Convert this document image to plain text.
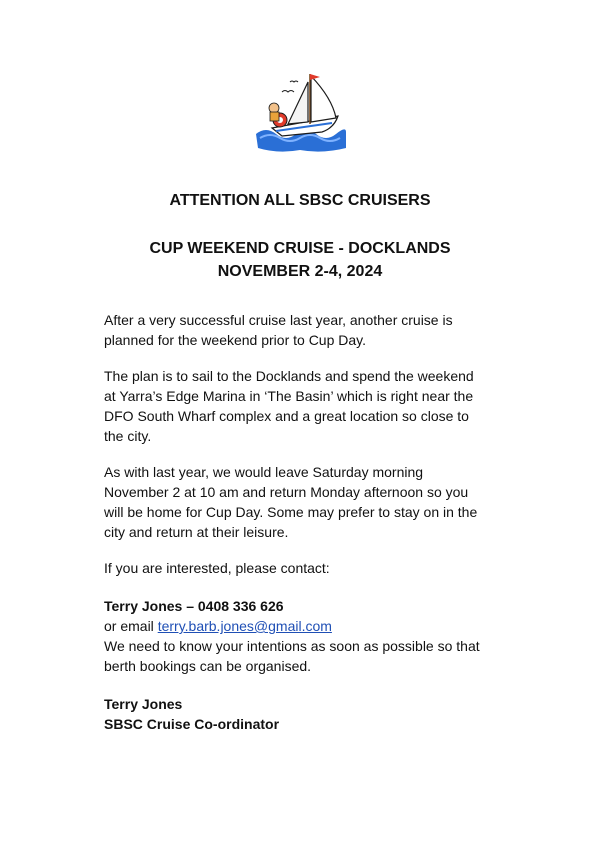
ATTENTION ALL SBSC CRUISERS
CUP WEEKEND CRUISE - DOCKLANDS
NOVEMBER 2-4, 2024
After a very successful cruise last year, another cruise is
planned for the weekend prior to Cup Day.
The plan is to sail to the Docklands and spend the weekend
at Yarra’s Edge Marina in ‘The Basin’ which is right near the
DFO South Wharf complex and a great location so close to
the city.
As with last year, we would leave Saturday morning
November 2 at 10 am and return Monday afternoon so you
will be home for Cup Day. Some may prefer to stay on in the
city and return at their leisure.
If you are interested, please contact:
Terry Jones – 0408 336 626
or email terry.barb.jones@gmail.com
We need to know your intentions as soon as possible so that
berth bookings can be organised.
Terry Jones
SBSC Cruise Co-ordinator
